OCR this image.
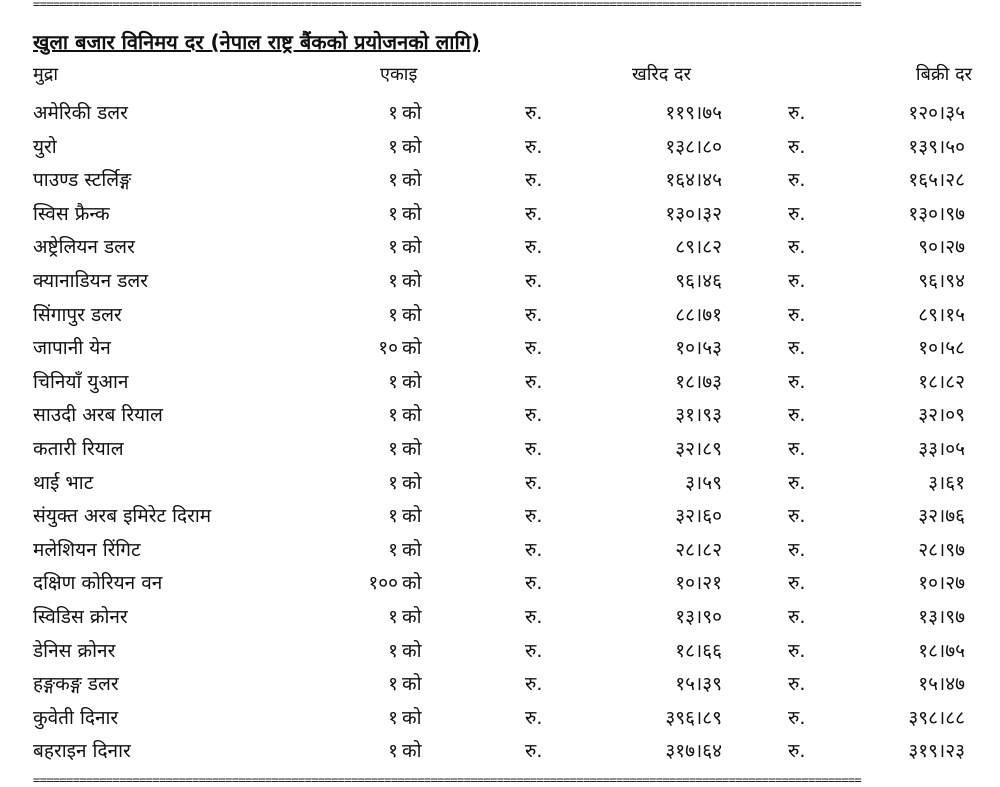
=============================================================================================================================
खुला बजार विनिमय दर (नेपाल राष्ट्र बैंकको प्रयोजनको लागि)
मुद्रा	एकाइ	खरिद दर	बिक्री दर
अमेरिकी डलर	१ को	रु.	११९।७५	रु.	१२०।३५
युरो	१ को	रु.	१३८।८०	रु.	१३९।५०
पाउण्ड स्टर्लिङ्ग	१ को	रु.	१६४।४५	रु.	१६५।२८
स्विस फ्रैन्क	१ को	रु.	१३०।३२	रु.	१३०।९७
अष्ट्रेलियन डलर	१ को	रु.	८९।८२	रु.	९०।२७
क्यानाडियन डलर	१ को	रु.	९६।४६	रु.	९६।९४
सिंगापुर डलर	१ को	रु.	८८।७१	रु.	८९।१५
जापानी येन	१० को	रु.	१०।५३	रु.	१०।५८
चिनियाँ युआन	१ को	रु.	१८।७३	रु.	१८।८२
साउदी अरब रियाल	१ को	रु.	३१।९३	रु.	३२।०९
कतारी रियाल	१ को	रु.	३२।८९	रु.	३३।०५
थाई भाट	१ को	रु.	३।५९	रु.	३।६१
संयुक्त अरब इमिरेट दिराम	१ को	रु.	३२।६०	रु.	३२।७६
मलेशियन रिंगिट	१ को	रु.	२८।८२	रु.	२८।९७
दक्षिण कोरियन वन	१०० को	रु.	१०।२१	रु.	१०।२७
स्विडिस क्रोनर	१ को	रु.	१३।९०	रु.	१३।९७
डेनिस क्रोनर	१ को	रु.	१८।६६	रु.	१८।७५
हङ्गकङ्ग डलर	१ को	रु.	१५।३९	रु.	१५।४७
कुवेती दिनार	१ को	रु.	३९६।८९	रु.	३९८।८८
बहराइन दिनार	१ को	रु.	३१७।६४	रु.	३१९।२३
=============================================================================================================================
